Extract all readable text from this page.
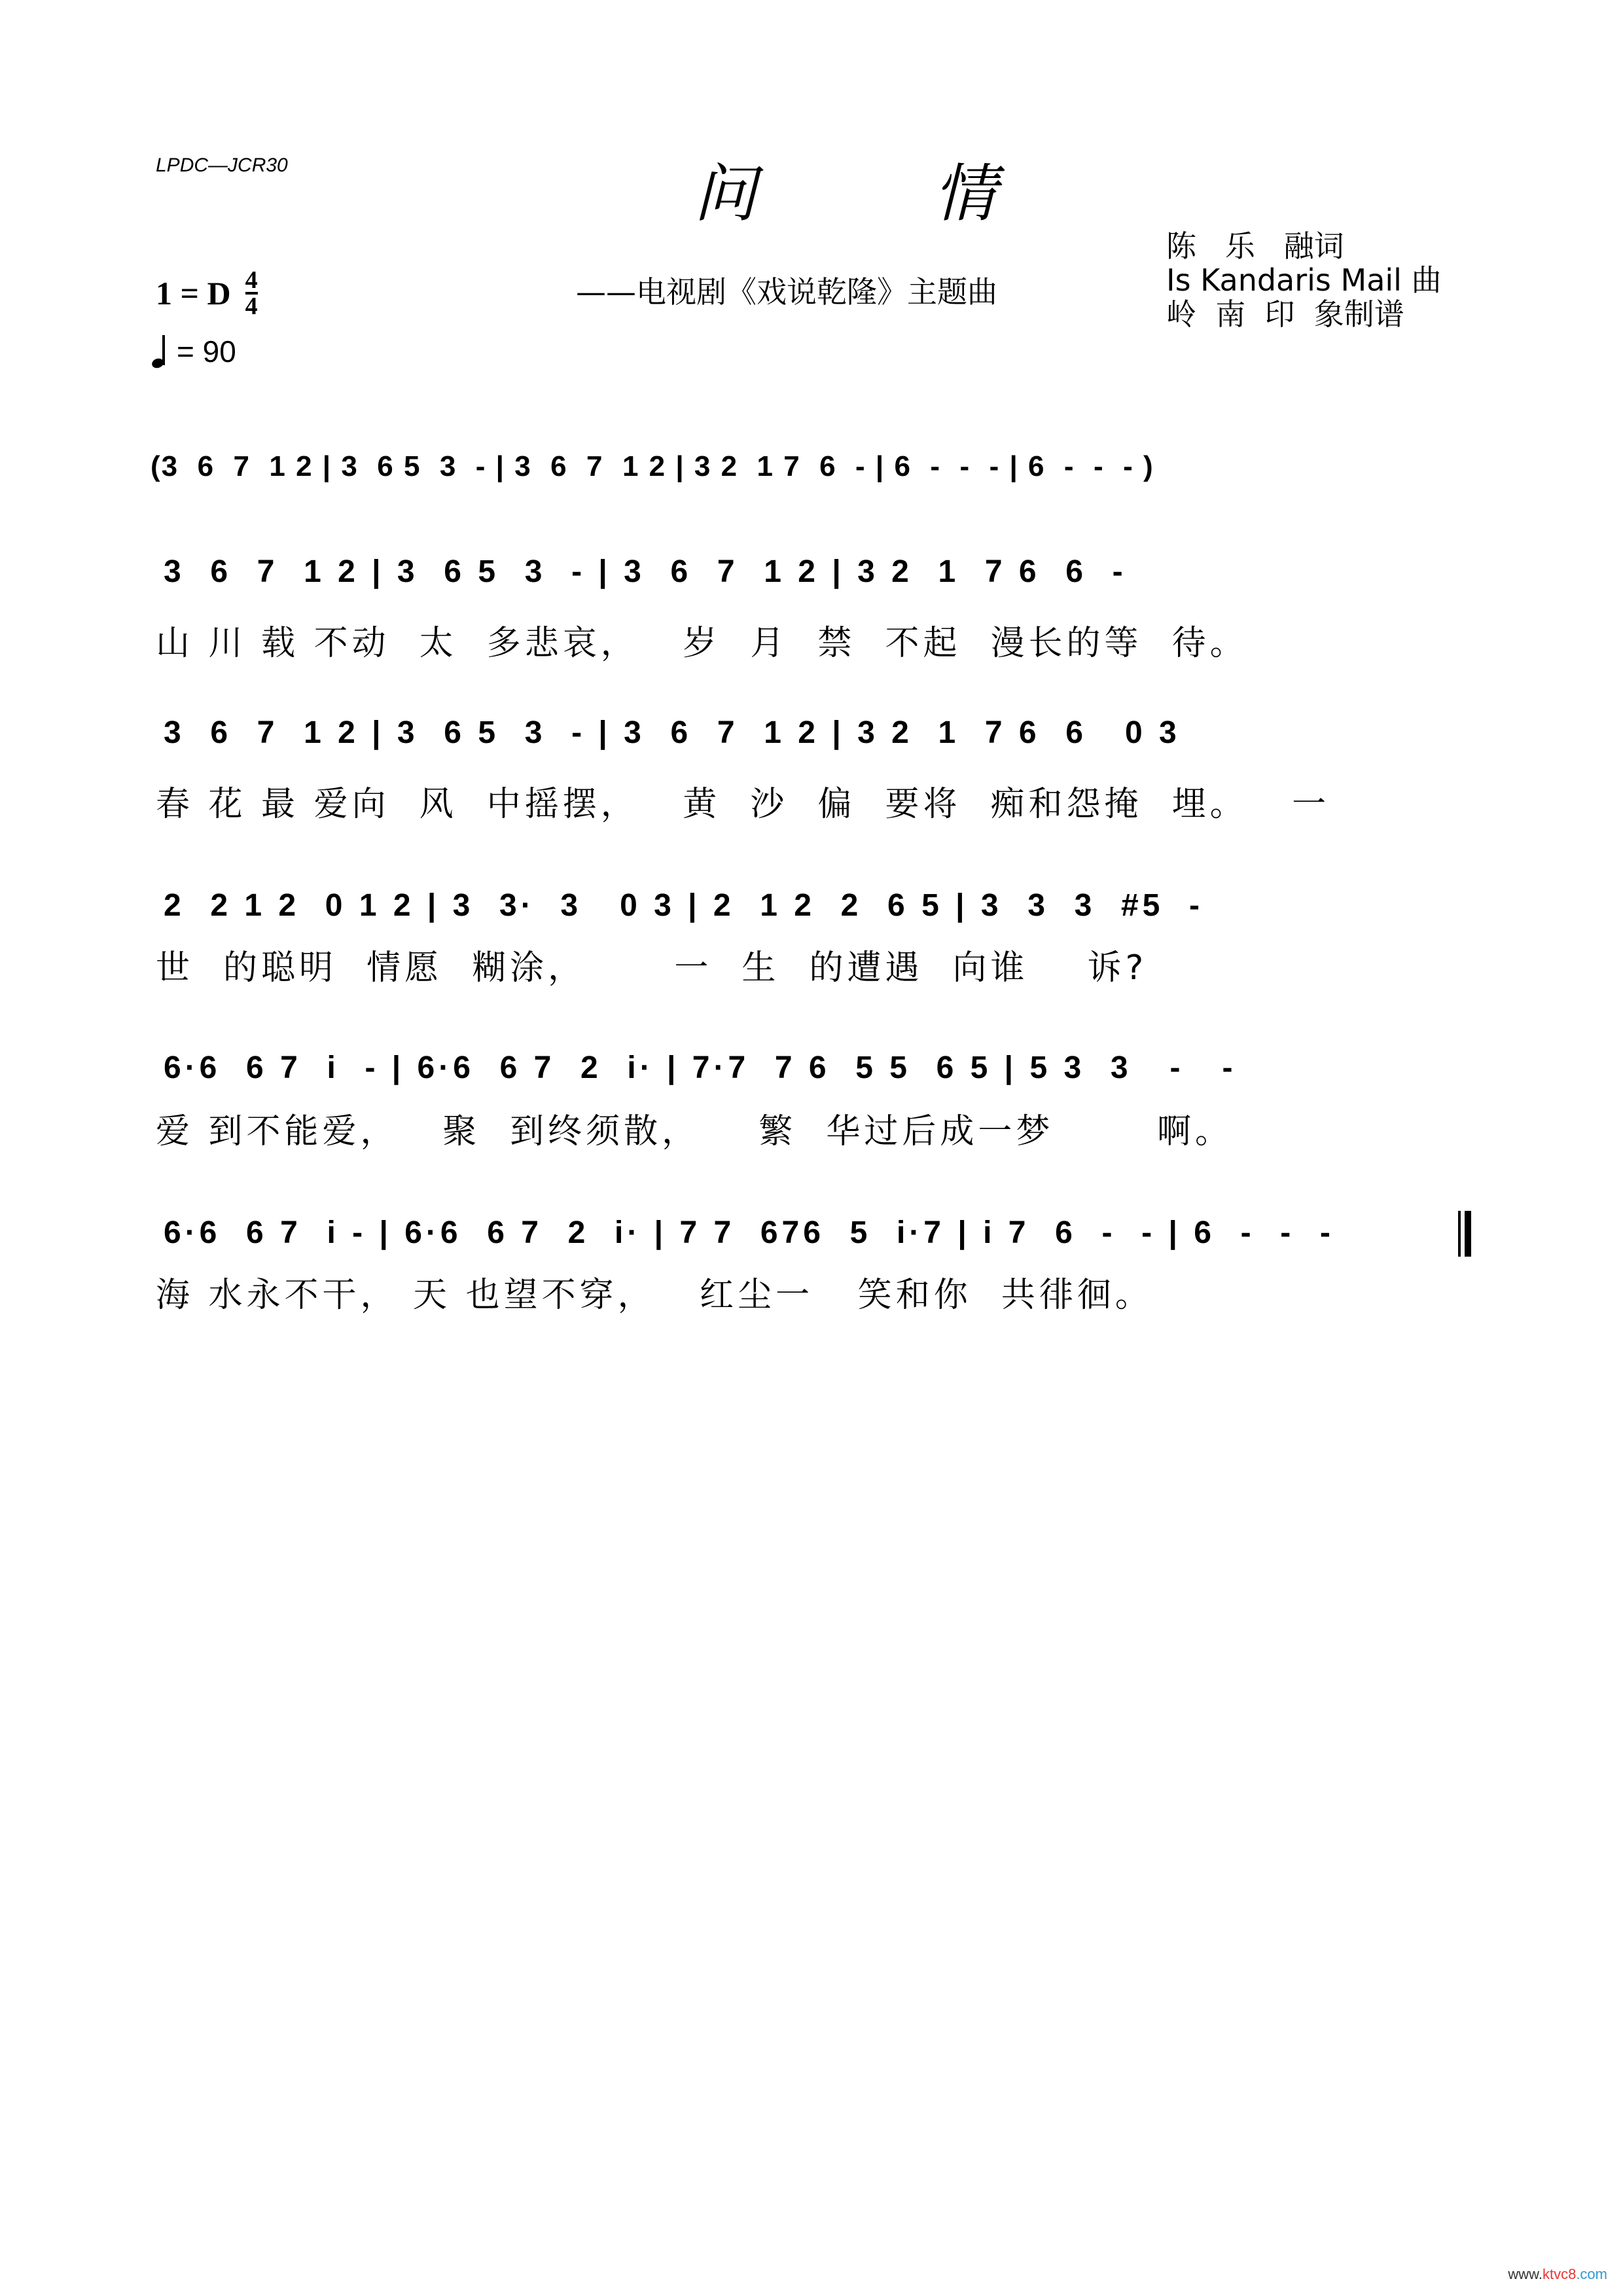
LPDC—JCR30	问 情
1 = D $\frac{4}{4}$
= 90
——电视剧《戏说乾隆》主题曲
陈   乐   融词
Is Kandaris Mail 曲
岭  南  印  象制谱
(3  6  7  1 2 | 3  6 5  3  - | 3  6  7  1 2 | 3 2  1 7  6  - | 6  -  -  - | 6  -  -  - )
3  6  7  1 2 | 3  6 5  3  - | 3  6  7  1 2 | 3 2  1  7 6  6  -
山 川 载 不动  太  多悲哀，   岁  月  禁  不起  漫长的等  待。
3  6  7  1 2 | 3  6 5  3  - | 3  6  7  1 2 | 3 2  1  7 6  6   0 3
春 花 最 爱向  风  中摇摆，   黄  沙  偏  要将  痴和怨掩  埋。   一
2  2 1 2  0 1 2 | 3  3·  3   0 3 | 2  1 2  2  6 5 | 3  3  3  #5  -
世  的聪明  情愿  糊涂，      一  生  的遭遇  向谁    诉?
6·6  6 7  i  - | 6·6  6 7  2  i· | 7·7  7 6  5 5  6 5 | 5 3  3   -   -
爱 到不能爱，   聚  到终须散，    繁  华过后成一梦       啊。
6·6  6 7  i - | 6·6  6 7  2  i· | 7 7  676  5  i·7 | i 7  6  -  - | 6  -  -  -
海 水永不干， 天 也望不穿，   红尘一   笑和你  共徘徊。
www.ktvc8.com
